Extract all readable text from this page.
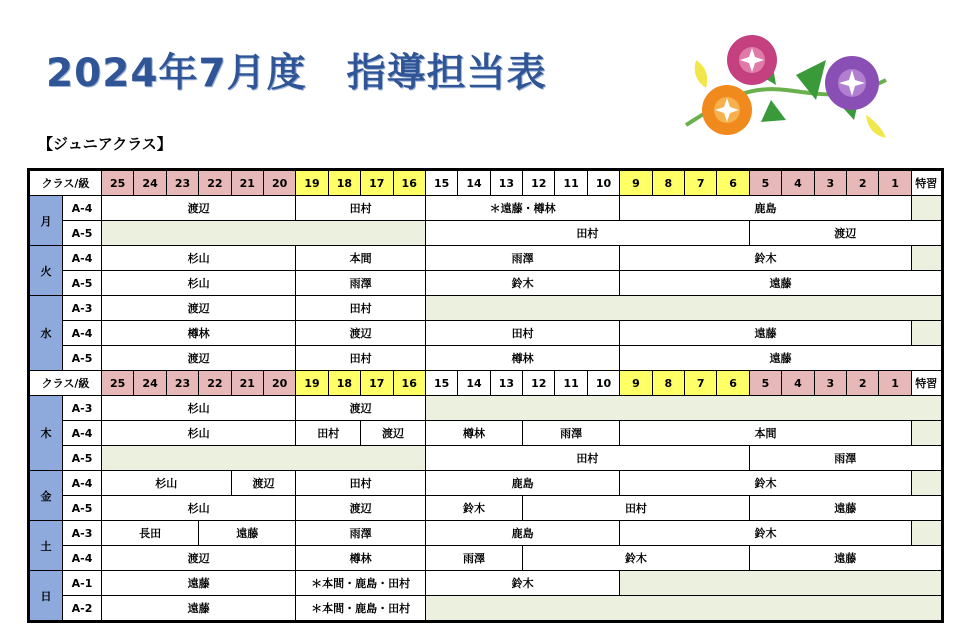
2024年7月度　指導担当表
【ジュニアクラス】
クラス/級		25	24	23	22	21	20	19	18	17	16	15	14	13	12	11	10	9	8	7	6	5	4	3	2	1	特習
月	A-4	渡辺						田村				＊遠藤・樽林						鹿島									
	A-5											田村										渡辺					
火	A-4	杉山						本間				雨澤						鈴木									
	A-5	杉山						雨澤				鈴木						遠藤									
水	A-3	渡辺						田村																			
	A-4	樽林						渡辺				田村						遠藤									
	A-5	渡辺						田村				樽林						遠藤									
クラス/級		25	24	23	22	21	20	19	18	17	16	15	14	13	12	11	10	9	8	7	6	5	4	3	2	1	特習
木	A-3	杉山						渡辺																			
	A-4	杉山						田村		渡辺		樽林			雨澤			本間									
	A-5											田村										雨澤					
金	A-4	杉山				渡辺		田村				鹿島						鈴木									
	A-5	杉山						渡辺				鈴木			田村							遠藤					
土	A-3	長田			遠藤			雨澤				鹿島						鈴木									
	A-4	渡辺						樽林				雨澤			鈴木							遠藤					
日	A-1	遠藤						＊本間・鹿島・田村				鈴木															
	A-2	遠藤						＊本間・鹿島・田村																			
